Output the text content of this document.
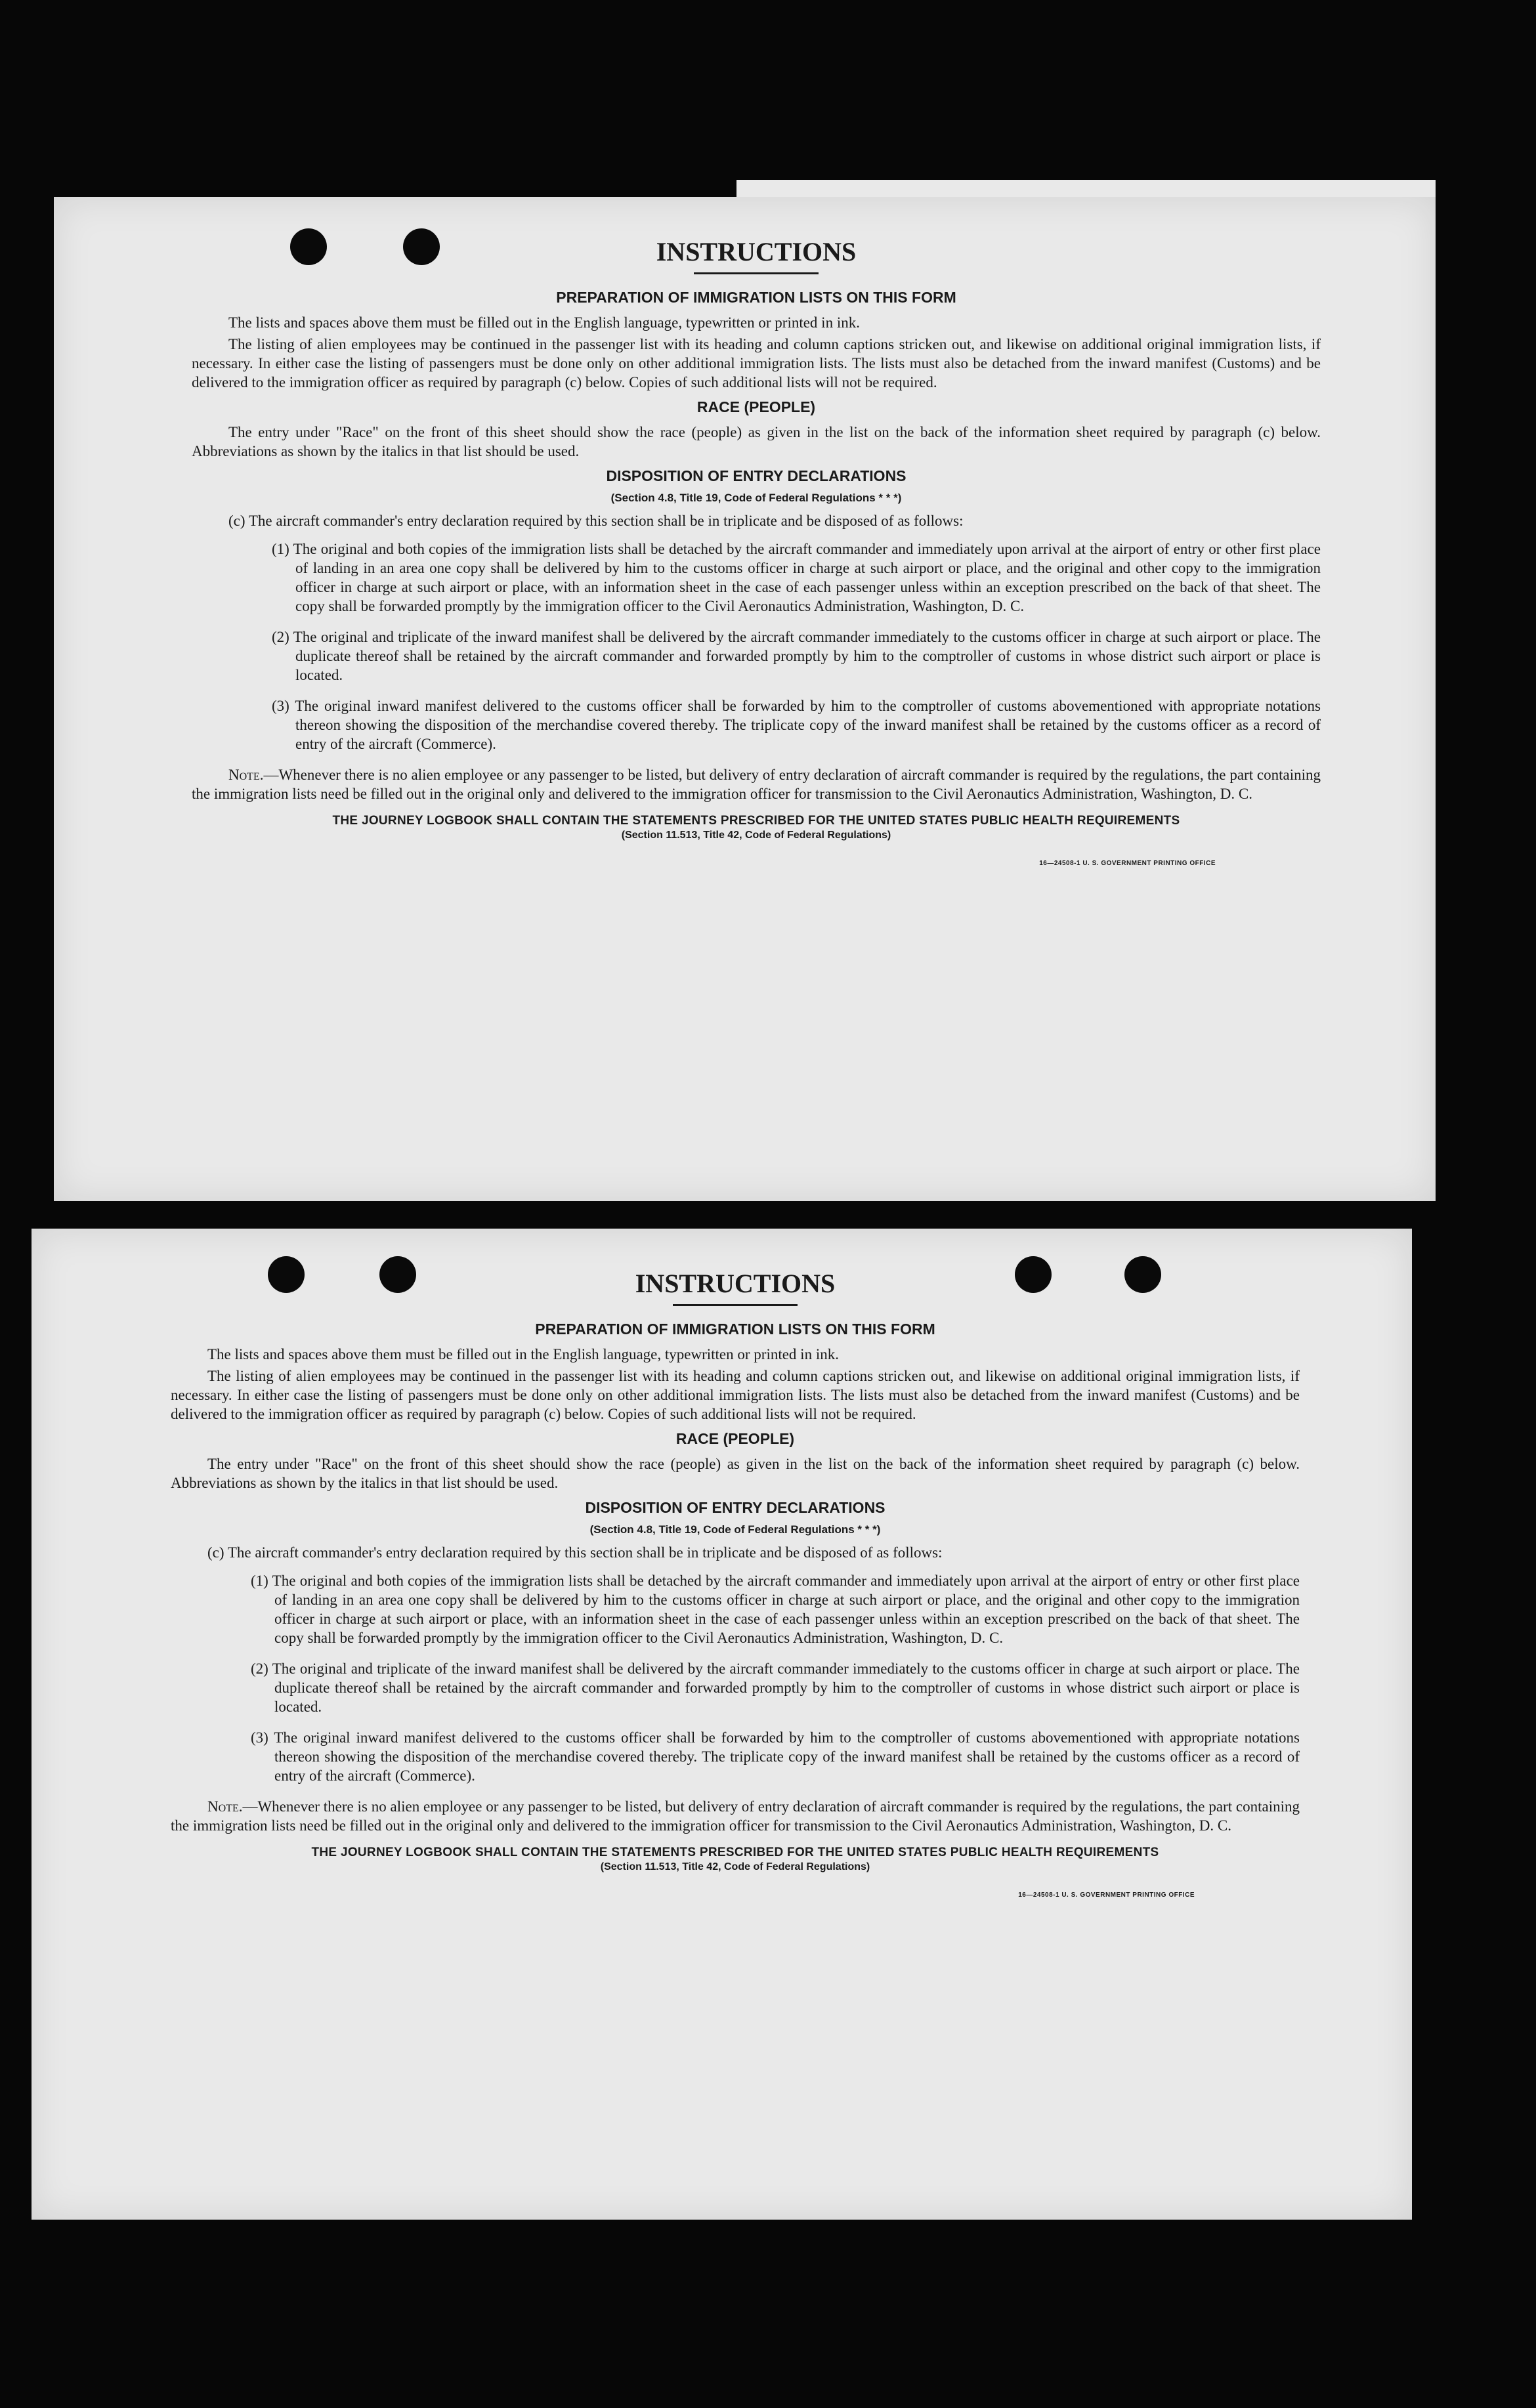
INSTRUCTIONS
PREPARATION OF IMMIGRATION LISTS ON THIS FORM

The lists and spaces above them must be filled out in the English language, typewritten or printed in ink.

The listing of alien employees may be continued in the passenger list with its heading and column captions stricken out, and likewise on additional original immigration lists, if necessary. In either case the listing of passengers must be done only on other additional immigration lists. The lists must also be detached from the inward manifest (Customs) and be delivered to the immigration officer as required by paragraph (c) below. Copies of such additional lists will not be required.

RACE (PEOPLE)

The entry under "Race" on the front of this sheet should show the race (people) as given in the list on the back of the information sheet required by paragraph (c) below. Abbreviations as shown by the italics in that list should be used.

DISPOSITION OF ENTRY DECLARATIONS
(Section 4.8, Title 19, Code of Federal Regulations * * *)

(c) The aircraft commander's entry declaration required by this section shall be in triplicate and be disposed of as follows:

(1) The original and both copies of the immigration lists shall be detached by the aircraft commander and immediately upon arrival at the airport of entry or other first place of landing in an area one copy shall be delivered by him to the customs officer in charge at such airport or place, and the original and other copy to the immigration officer in charge at such airport or place, with an information sheet in the case of each passenger unless within an exception prescribed on the back of that sheet. The copy shall be forwarded promptly by the immigration officer to the Civil Aeronautics Administration, Washington, D. C.

(2) The original and triplicate of the inward manifest shall be delivered by the aircraft commander immediately to the customs officer in charge at such airport or place. The duplicate thereof shall be retained by the aircraft commander and forwarded promptly by him to the comptroller of customs in whose district such airport or place is located.

(3) The original inward manifest delivered to the customs officer shall be forwarded by him to the comptroller of customs abovementioned with appropriate notations thereon showing the disposition of the merchandise covered thereby. The triplicate copy of the inward manifest shall be retained by the customs officer as a record of entry of the aircraft (Commerce).

Note.—Whenever there is no alien employee or any passenger to be listed, but delivery of entry declaration of aircraft commander is required by the regulations, the part containing the immigration lists need be filled out in the original only and delivered to the immigration officer for transmission to the Civil Aeronautics Administration, Washington, D. C.

THE JOURNEY LOGBOOK SHALL CONTAIN THE STATEMENTS PRESCRIBED FOR THE UNITED STATES PUBLIC HEALTH REQUIREMENTS
(Section 11.513, Title 42, Code of Federal Regulations)
16—24508-1 U. S. GOVERNMENT PRINTING OFFICE
INSTRUCTIONS
PREPARATION OF IMMIGRATION LISTS ON THIS FORM

The lists and spaces above them must be filled out in the English language, typewritten or printed in ink.

The listing of alien employees may be continued in the passenger list with its heading and column captions stricken out, and likewise on additional original immigration lists, if necessary. In either case the listing of passengers must be done only on other additional immigration lists. The lists must also be detached from the inward manifest (Customs) and be delivered to the immigration officer as required by paragraph (c) below. Copies of such additional lists will not be required.

RACE (PEOPLE)

The entry under "Race" on the front of this sheet should show the race (people) as given in the list on the back of the information sheet required by paragraph (c) below. Abbreviations as shown by the italics in that list should be used.

DISPOSITION OF ENTRY DECLARATIONS
(Section 4.8, Title 19, Code of Federal Regulations * * *)

(c) The aircraft commander's entry declaration required by this section shall be in triplicate and be disposed of as follows:

(1) The original and both copies of the immigration lists shall be detached by the aircraft commander and immediately upon arrival at the airport of entry or other first place of landing in an area one copy shall be delivered by him to the customs officer in charge at such airport or place, and the original and other copy to the immigration officer in charge at such airport or place, with an information sheet in the case of each passenger unless within an exception prescribed on the back of that sheet. The copy shall be forwarded promptly by the immigration officer to the Civil Aeronautics Administration, Washington, D. C.

(2) The original and triplicate of the inward manifest shall be delivered by the aircraft commander immediately to the customs officer in charge at such airport or place. The duplicate thereof shall be retained by the aircraft commander and forwarded promptly by him to the comptroller of customs in whose district such airport or place is located.

(3) The original inward manifest delivered to the customs officer shall be forwarded by him to the comptroller of customs abovementioned with appropriate notations thereon showing the disposition of the merchandise covered thereby. The triplicate copy of the inward manifest shall be retained by the customs officer as a record of entry of the aircraft (Commerce).

Note.—Whenever there is no alien employee or any passenger to be listed, but delivery of entry declaration of aircraft commander is required by the regulations, the part containing the immigration lists need be filled out in the original only and delivered to the immigration officer for transmission to the Civil Aeronautics Administration, Washington, D. C.

THE JOURNEY LOGBOOK SHALL CONTAIN THE STATEMENTS PRESCRIBED FOR THE UNITED STATES PUBLIC HEALTH REQUIREMENTS
(Section 11.513, Title 42, Code of Federal Regulations)
16—24508-1 U. S. GOVERNMENT PRINTING OFFICE
